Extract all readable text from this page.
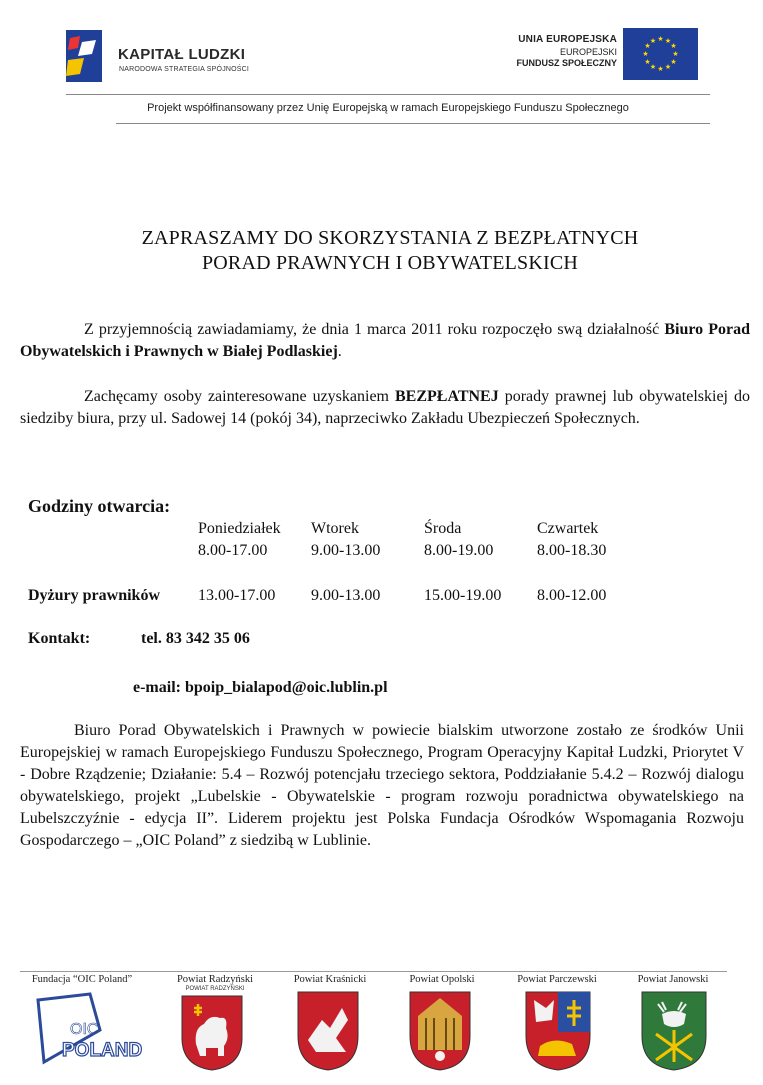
KAPITAŁ LUDZKI
NARODOWA STRATEGIA SPÓJNOŚCI
UNIA EUROPEJSKA
EUROPEJSKI
FUNDUSZ SPOŁECZNY
★ ★
★
★
★
★
★
★
★
★
★
★
Projekt współfinansowany przez Unię Europejską w ramach Europejskiego Funduszu Społecznego
ZAPRASZAMY DO SKORZYSTANIA Z BEZPŁATNYCH
PORAD PRAWNYCH I OBYWATELSKICH
Z przyjemnością zawiadamiamy, że dnia 1 marca 2011 roku rozpoczęło swą działalność Biuro Porad Obywatelskich i Prawnych w Białej Podlaskiej.
Zachęcamy osoby zainteresowane uzyskaniem BEZPŁATNEJ porady prawnej lub obywatelskiej do siedziby biura, przy ul. Sadowej 14 (pokój 34), naprzeciwko Zakładu Ubezpieczeń Społecznych.
Godziny otwarcia:
Poniedziałek Wtorek	Środa	Czwartek
8.00-17.00	9.00-13.00	8.00-19.00	8.00-18.30
Dyżury prawników 13.00-17.00 9.00-13.00	15.00-19.00 8.00-12.00
Kontakt:	tel. 83 342 35 06
e-mail: bpoip_bialapod@oic.lublin.pl
Biuro Porad Obywatelskich i Prawnych w powiecie bialskim utworzone zostało ze środków Unii Europejskiej w ramach Europejskiego Funduszu Społecznego, Program Operacyjny Kapitał Ludzki, Priorytet V - Dobre Rządzenie; Działanie: 5.4 – Rozwój potencjału trzeciego sektora, Poddziałanie 5.4.2 – Rozwój dialogu obywatelskiego, projekt „Lubelskie - Obywatelskie - program rozwoju poradnictwa obywatelskiego na Lubelszczyźnie - edycja II”. Liderem projektu jest Polska Fundacja Ośrodków Wspomagania Rozwoju Gospodarczego – „OIC Poland” z siedzibą w Lublinie.
Fundacja “OIC Poland”
OIC
POLAND
Powiat Radzyński
POWIAT RADZYŃSKI
Powiat Kraśnicki	Powiat Opolski	Powiat Parczewski	Powiat Janowski
